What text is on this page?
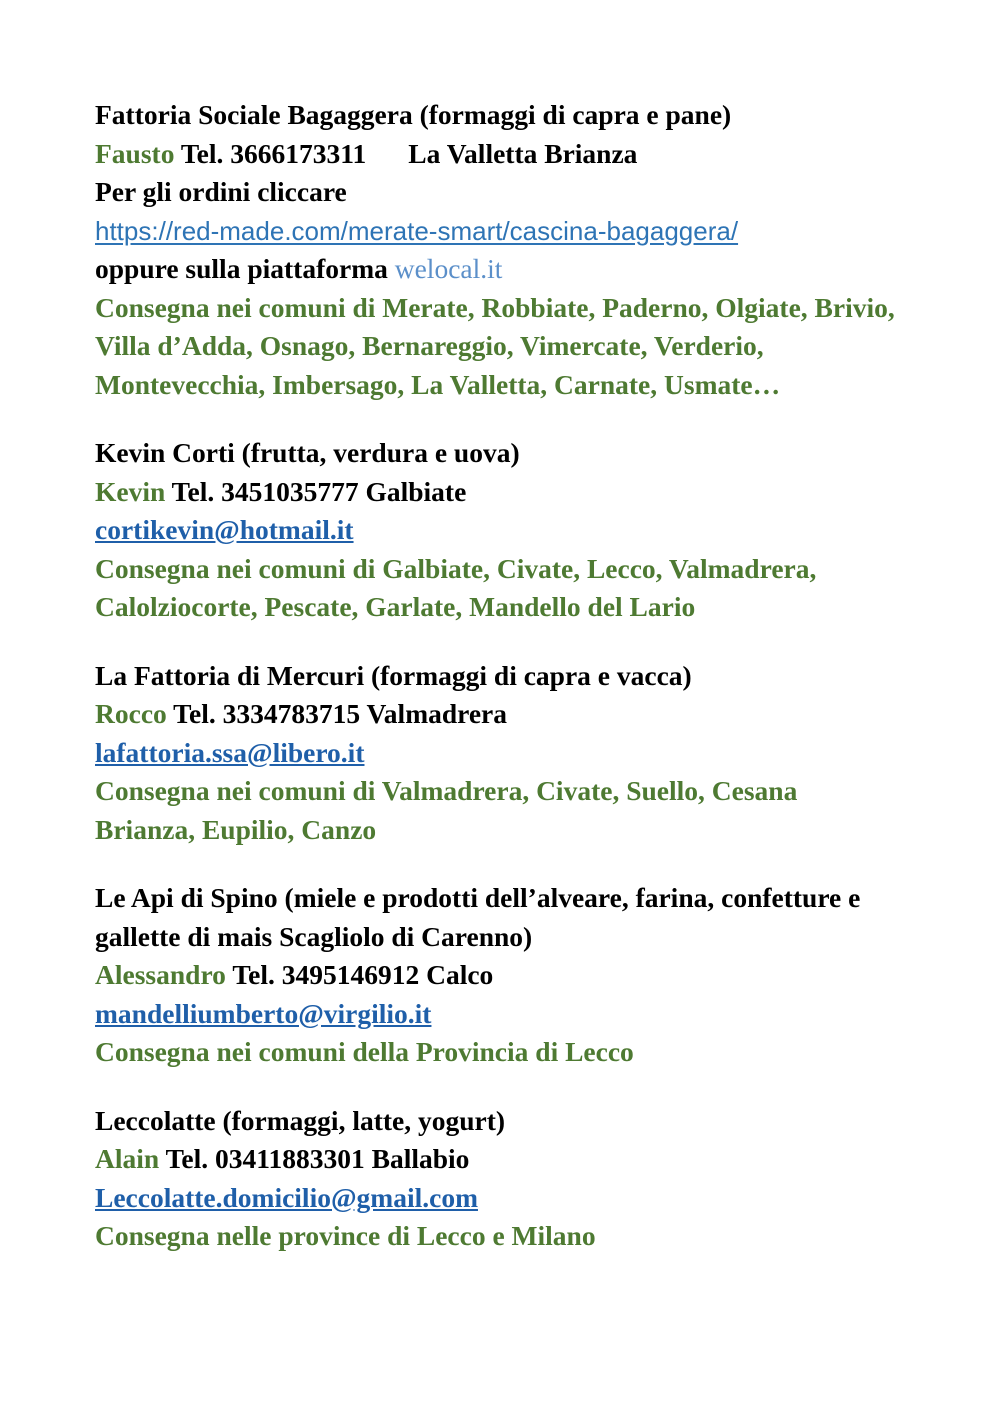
Fattoria Sociale Bagaggera (formaggi di capra e pane)
Fausto Tel. 3666173311 La Valletta Brianza
Per gli ordini cliccare
https://red-made.com/merate-smart/cascina-bagaggera/
oppure sulla piattaforma welocal.it
Consegna nei comuni di Merate, Robbiate, Paderno, Olgiate, Brivio, Villa d’Adda, Osnago, Bernareggio, Vimercate, Verderio, Montevecchia, Imbersago, La Valletta, Carnate, Usmate…
Kevin Corti (frutta, verdura e uova)
Kevin Tel. 3451035777 Galbiate
cortikevin@hotmail.it
Consegna nei comuni di Galbiate, Civate, Lecco, Valmadrera, Calolziocorte, Pescate, Garlate, Mandello del Lario
La Fattoria di Mercuri (formaggi di capra e vacca)
Rocco Tel. 3334783715 Valmadrera
lafattoria.ssa@libero.it
Consegna nei comuni di Valmadrera, Civate, Suello, Cesana Brianza, Eupilio, Canzo
Le Api di Spino (miele e prodotti dell’alveare, farina, confetture e gallette di mais Scagliolo di Carenno)
Alessandro Tel. 3495146912 Calco
mandelliumberto@virgilio.it
Consegna nei comuni della Provincia di Lecco
Leccolatte (formaggi, latte, yogurt)
Alain Tel. 03411883301 Ballabio
Leccolatte.domicilio@gmail.com
Consegna nelle province di Lecco e Milano
